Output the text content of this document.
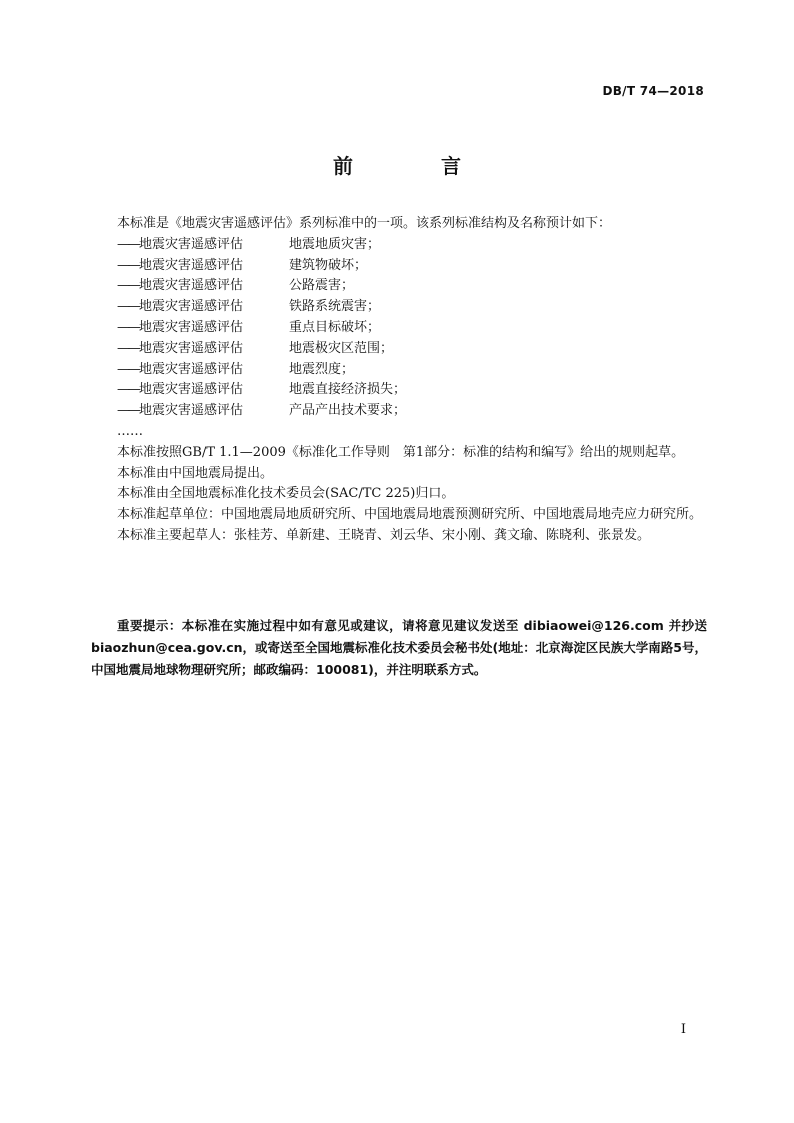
DB/T 74—2018
前　言

本标准是《地震灾害遥感评估》系列标准中的一项。该系列标准结构及名称预计如下：

——地震灾害遥感评估	地震地质灾害；

——地震灾害遥感评估	建筑物破坏；

——地震灾害遥感评估	公路震害；

——地震灾害遥感评估	铁路系统震害；

——地震灾害遥感评估	重点目标破坏；

——地震灾害遥感评估	地震极灾区范围；

——地震灾害遥感评估	地震烈度；

——地震灾害遥感评估	地震直接经济损失；

——地震灾害遥感评估	产品产出技术要求；

……

本标准按照GB/T 1.1—2009《标准化工作导则　第1部分：标准的结构和编写》给出的规则起草。

本标准由中国地震局提出。

本标准由全国地震标准化技术委员会(SAC/TC 225)归口。

本标准起草单位：中国地震局地质研究所、中国地震局地震预测研究所、中国地震局地壳应力研究所。

本标准主要起草人：张桂芳、单新建、王晓青、刘云华、宋小刚、龚文瑜、陈晓利、张景发。

重要提示：本标准在实施过程中如有意见或建议，请将意见建议发送至 dibiaowei@126.com 并抄送 biaozhun@cea.gov.cn，或寄送至全国地震标准化技术委员会秘书处(地址：北京海淀区民族大学南路5号，中国地震局地球物理研究所；邮政编码：100081)，并注明联系方式。
I
